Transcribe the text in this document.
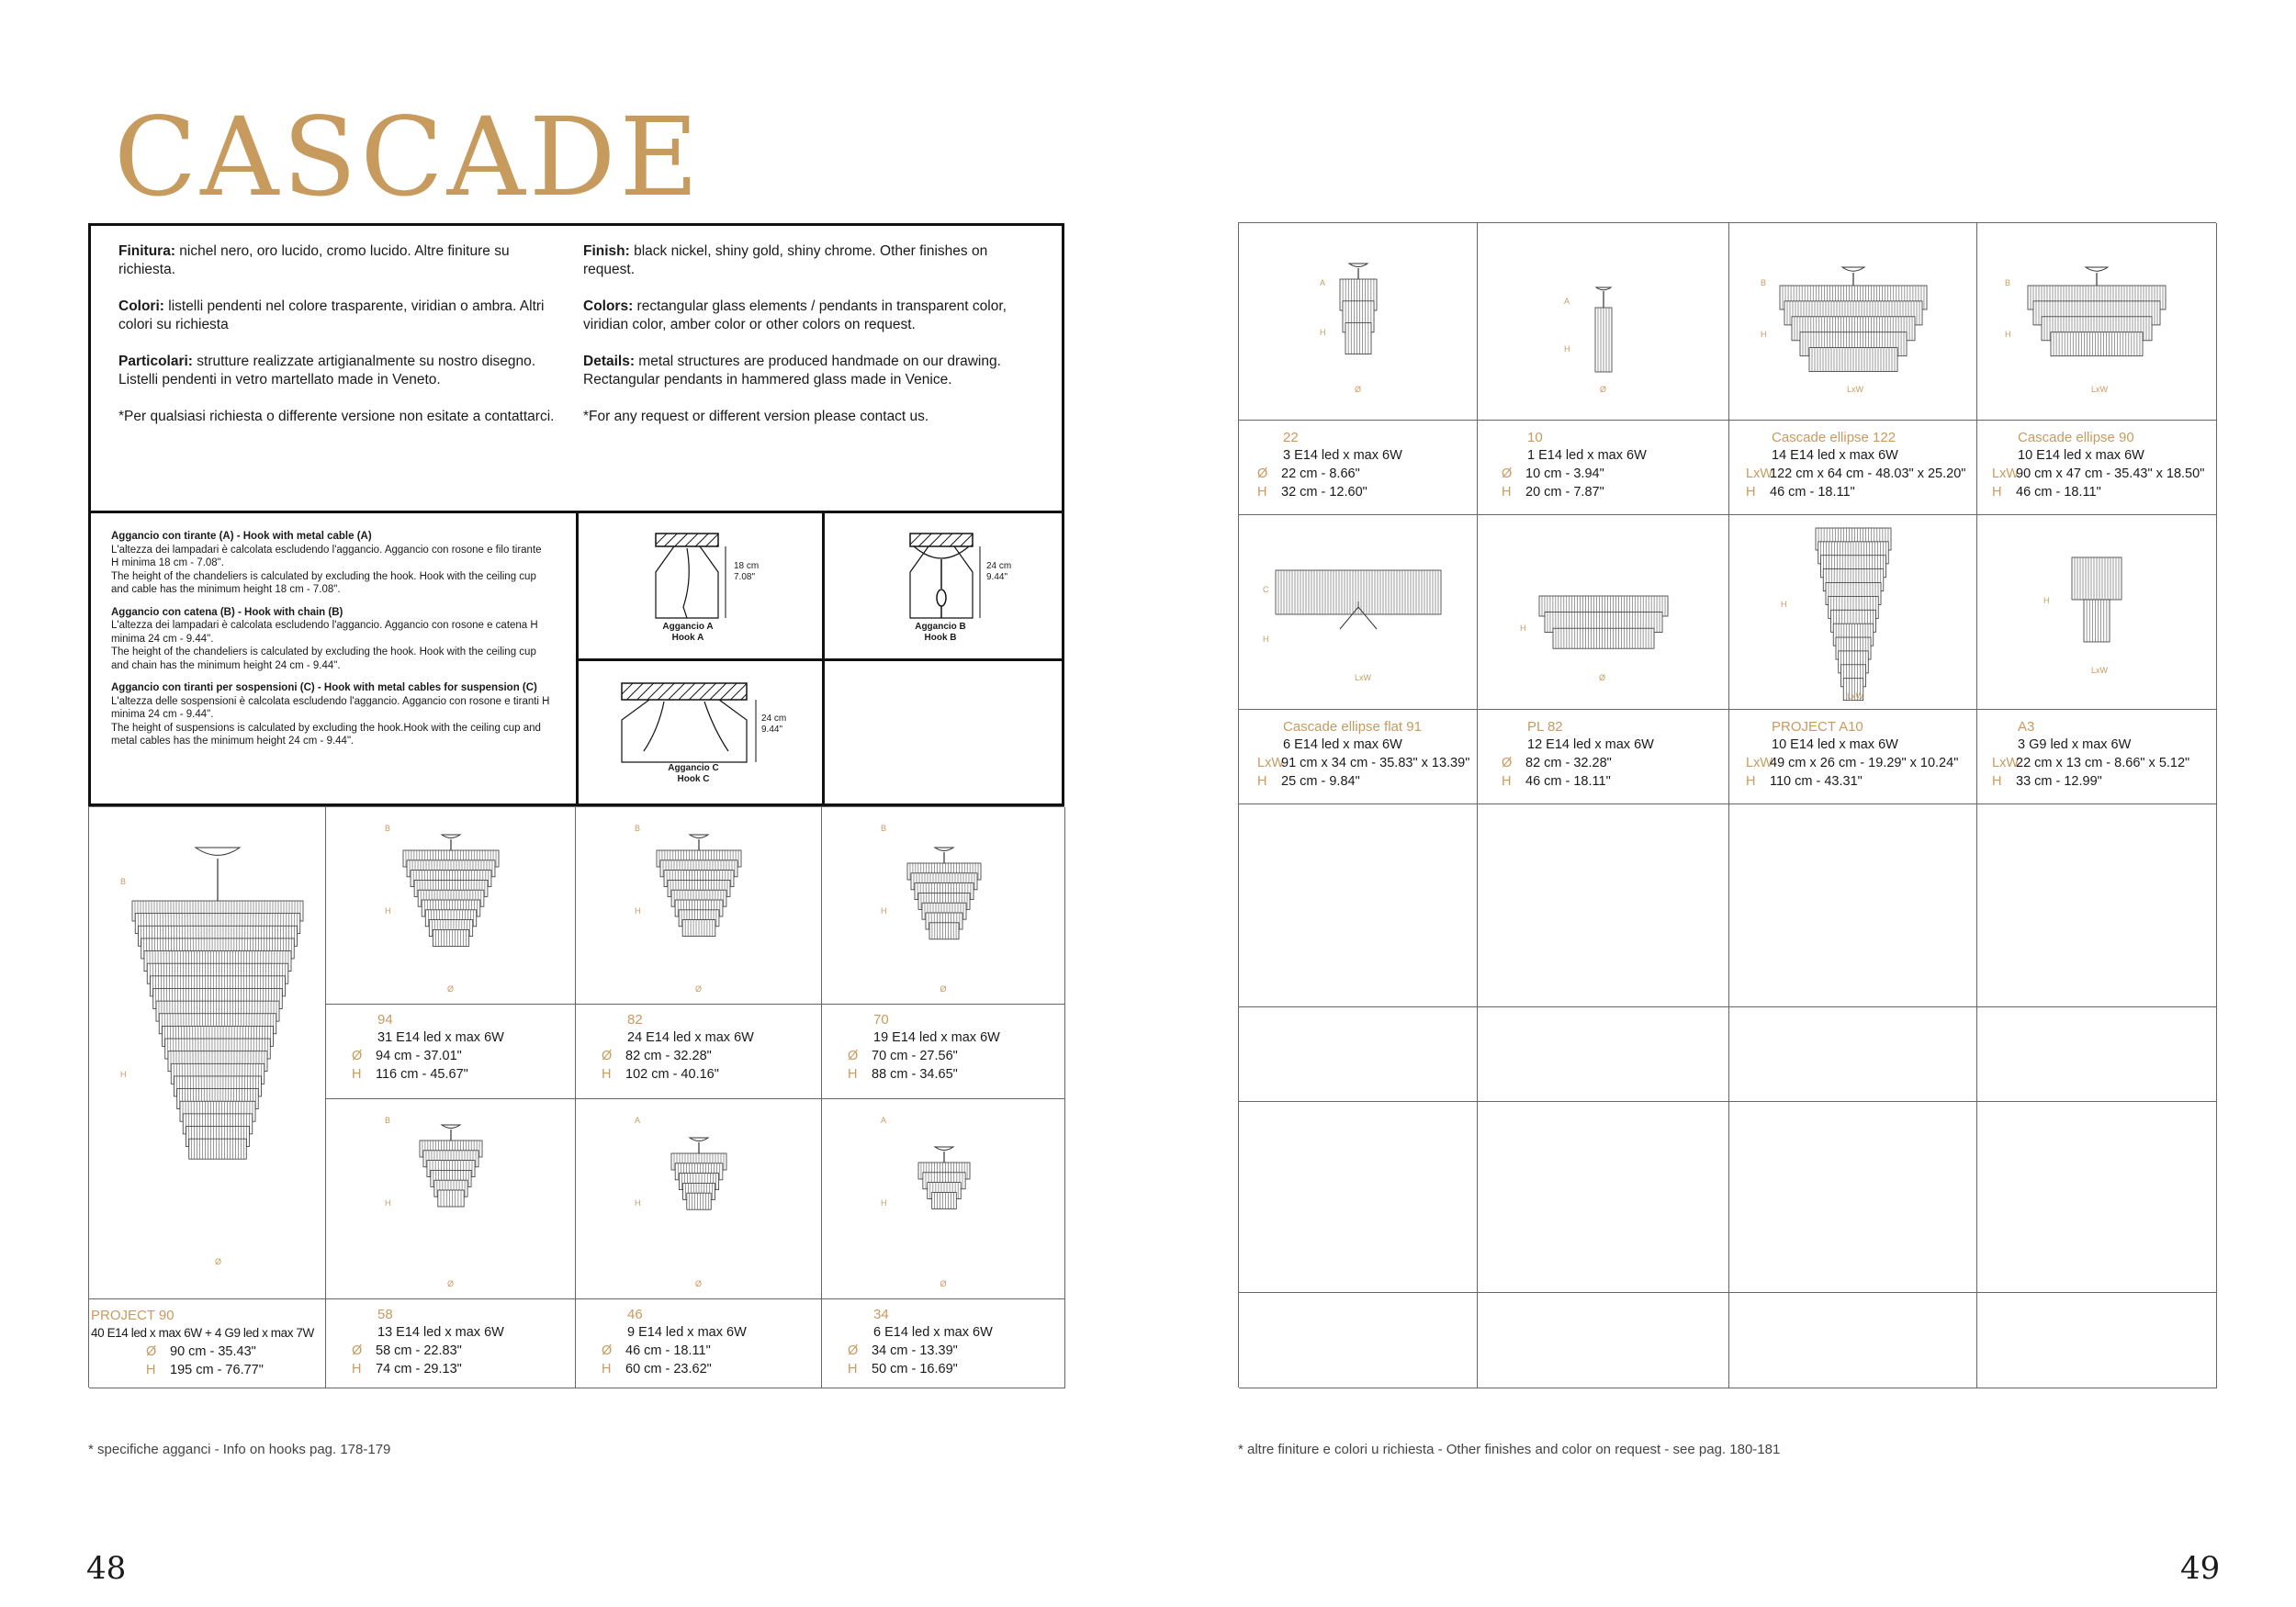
CASCADE

Finitura: nichel nero, oro lucido, cromo lucido. Altre finiture su richiesta.

Colori: listelli pendenti nel colore trasparente, viridian o ambra. Altri colori su richiesta

Particolari: strutture realizzate artigianalmente su nostro disegno. Listelli pendenti in vetro martellato made in Veneto.

*Per qualsiasi richiesta o differente versione non esitate a contattarci.

Finish: black nickel, shiny gold, shiny chrome. Other finishes on request.

Colors: rectangular glass elements / pendants in transparent color, viridian color, amber color or other colors on request.

Details: metal structures are produced handmade on our drawing. Rectangular pendants in hammered glass made in Venice.

*For any request or different version please contact us.

Aggancio con tirante (A) - Hook with metal cable (A)
L'altezza dei lampadari è calcolata escludendo l'aggancio. Aggancio con rosone e filo tirante H minima 18 cm - 7.08".
The height of the chandeliers is calculated by excluding the hook. Hook with the ceiling cup and cable has the minimum height 18 cm - 7.08".

Aggancio con catena (B) - Hook with chain (B)
L'altezza dei lampadari è calcolata escludendo l'aggancio. Aggancio con rosone e catena H minima 24 cm - 9.44".
The height of the chandeliers is calculated by excluding the hook. Hook with the ceiling cup and chain has the minimum height 24 cm - 9.44".

Aggancio con tiranti per sospensioni (C) - Hook with metal cables for suspension (C)
L'altezza delle sospensioni è calcolata escludendo l'aggancio. Aggancio con rosone e tiranti H minima 24 cm - 9.44".
The height of suspensions is calculated by excluding the hook.Hook with the ceiling cup and metal cables has the minimum height 24 cm - 9.44".

18 cm
7.08"
Aggancio A
Hook A
24 cm
9.44"
Aggancio B
Hook B
24 cm
9.44"
Aggancio C
Hook C
B
H
Ø
PROJECT 90
40 E14 led x max 6W + 4 G9 led x max 7W
Ø 90 cm - 35.43"
H 195 cm - 76.77"
B
H
Ø
94
31 E14 led x max 6W
Ø 94 cm - 37.01"
H 116 cm - 45.67"
B
H
Ø
82
24 E14 led x max 6W
Ø 82 cm - 32.28"
H 102 cm - 40.16"
B
H
Ø
70
19 E14 led x max 6W
Ø 70 cm - 27.56"
H 88 cm - 34.65"
B
H
Ø
58
13 E14 led x max 6W
Ø 58 cm - 22.83"
H 74 cm - 29.13"
A
H
Ø
46
9 E14 led x max 6W
Ø 46 cm - 18.11"
H 60 cm - 23.62"
A
H
Ø
34
6 E14 led x max 6W
Ø 34 cm - 13.39"
H 50 cm - 16.69"
* specifiche agganci - Info on hooks pag. 178-179
48
A
H
Ø
A
H
Ø
B
H
LxW
B
H
LxW
22
3 E14 led x max 6W
Ø 22 cm - 8.66"
H 32 cm - 12.60"
10
1 E14 led x max 6W
Ø 10 cm - 3.94"
H 20 cm - 7.87"
Cascade ellipse 122
14 E14 led x max 6W
LxW122 cm x 64 cm - 48.03" x 25.20"
H 46 cm - 18.11"
Cascade ellipse 90
10 E14 led x max 6W
LxW90 cm x 47 cm - 35.43" x 18.50"
H 46 cm - 18.11"
C
H
LxW
H
Ø
H
LxW
H
LxW
Cascade ellipse flat 91
6 E14 led x max 6W
LxW91 cm x 34 cm - 35.83" x 13.39"
H 25 cm - 9.84"
PL 82
12 E14 led x max 6W
Ø 82 cm - 32.28"
H 46 cm - 18.11"
PROJECT A10
10 E14 led x max 6W
LxW49 cm x 26 cm - 19.29" x 10.24"
H 110 cm - 43.31"
A3
3 G9 led x max 6W
LxW22 cm x 13 cm - 8.66" x 5.12"
H 33 cm - 12.99"
* altre finiture e colori u richiesta - Other finishes and color on request - see pag. 180-181
49
